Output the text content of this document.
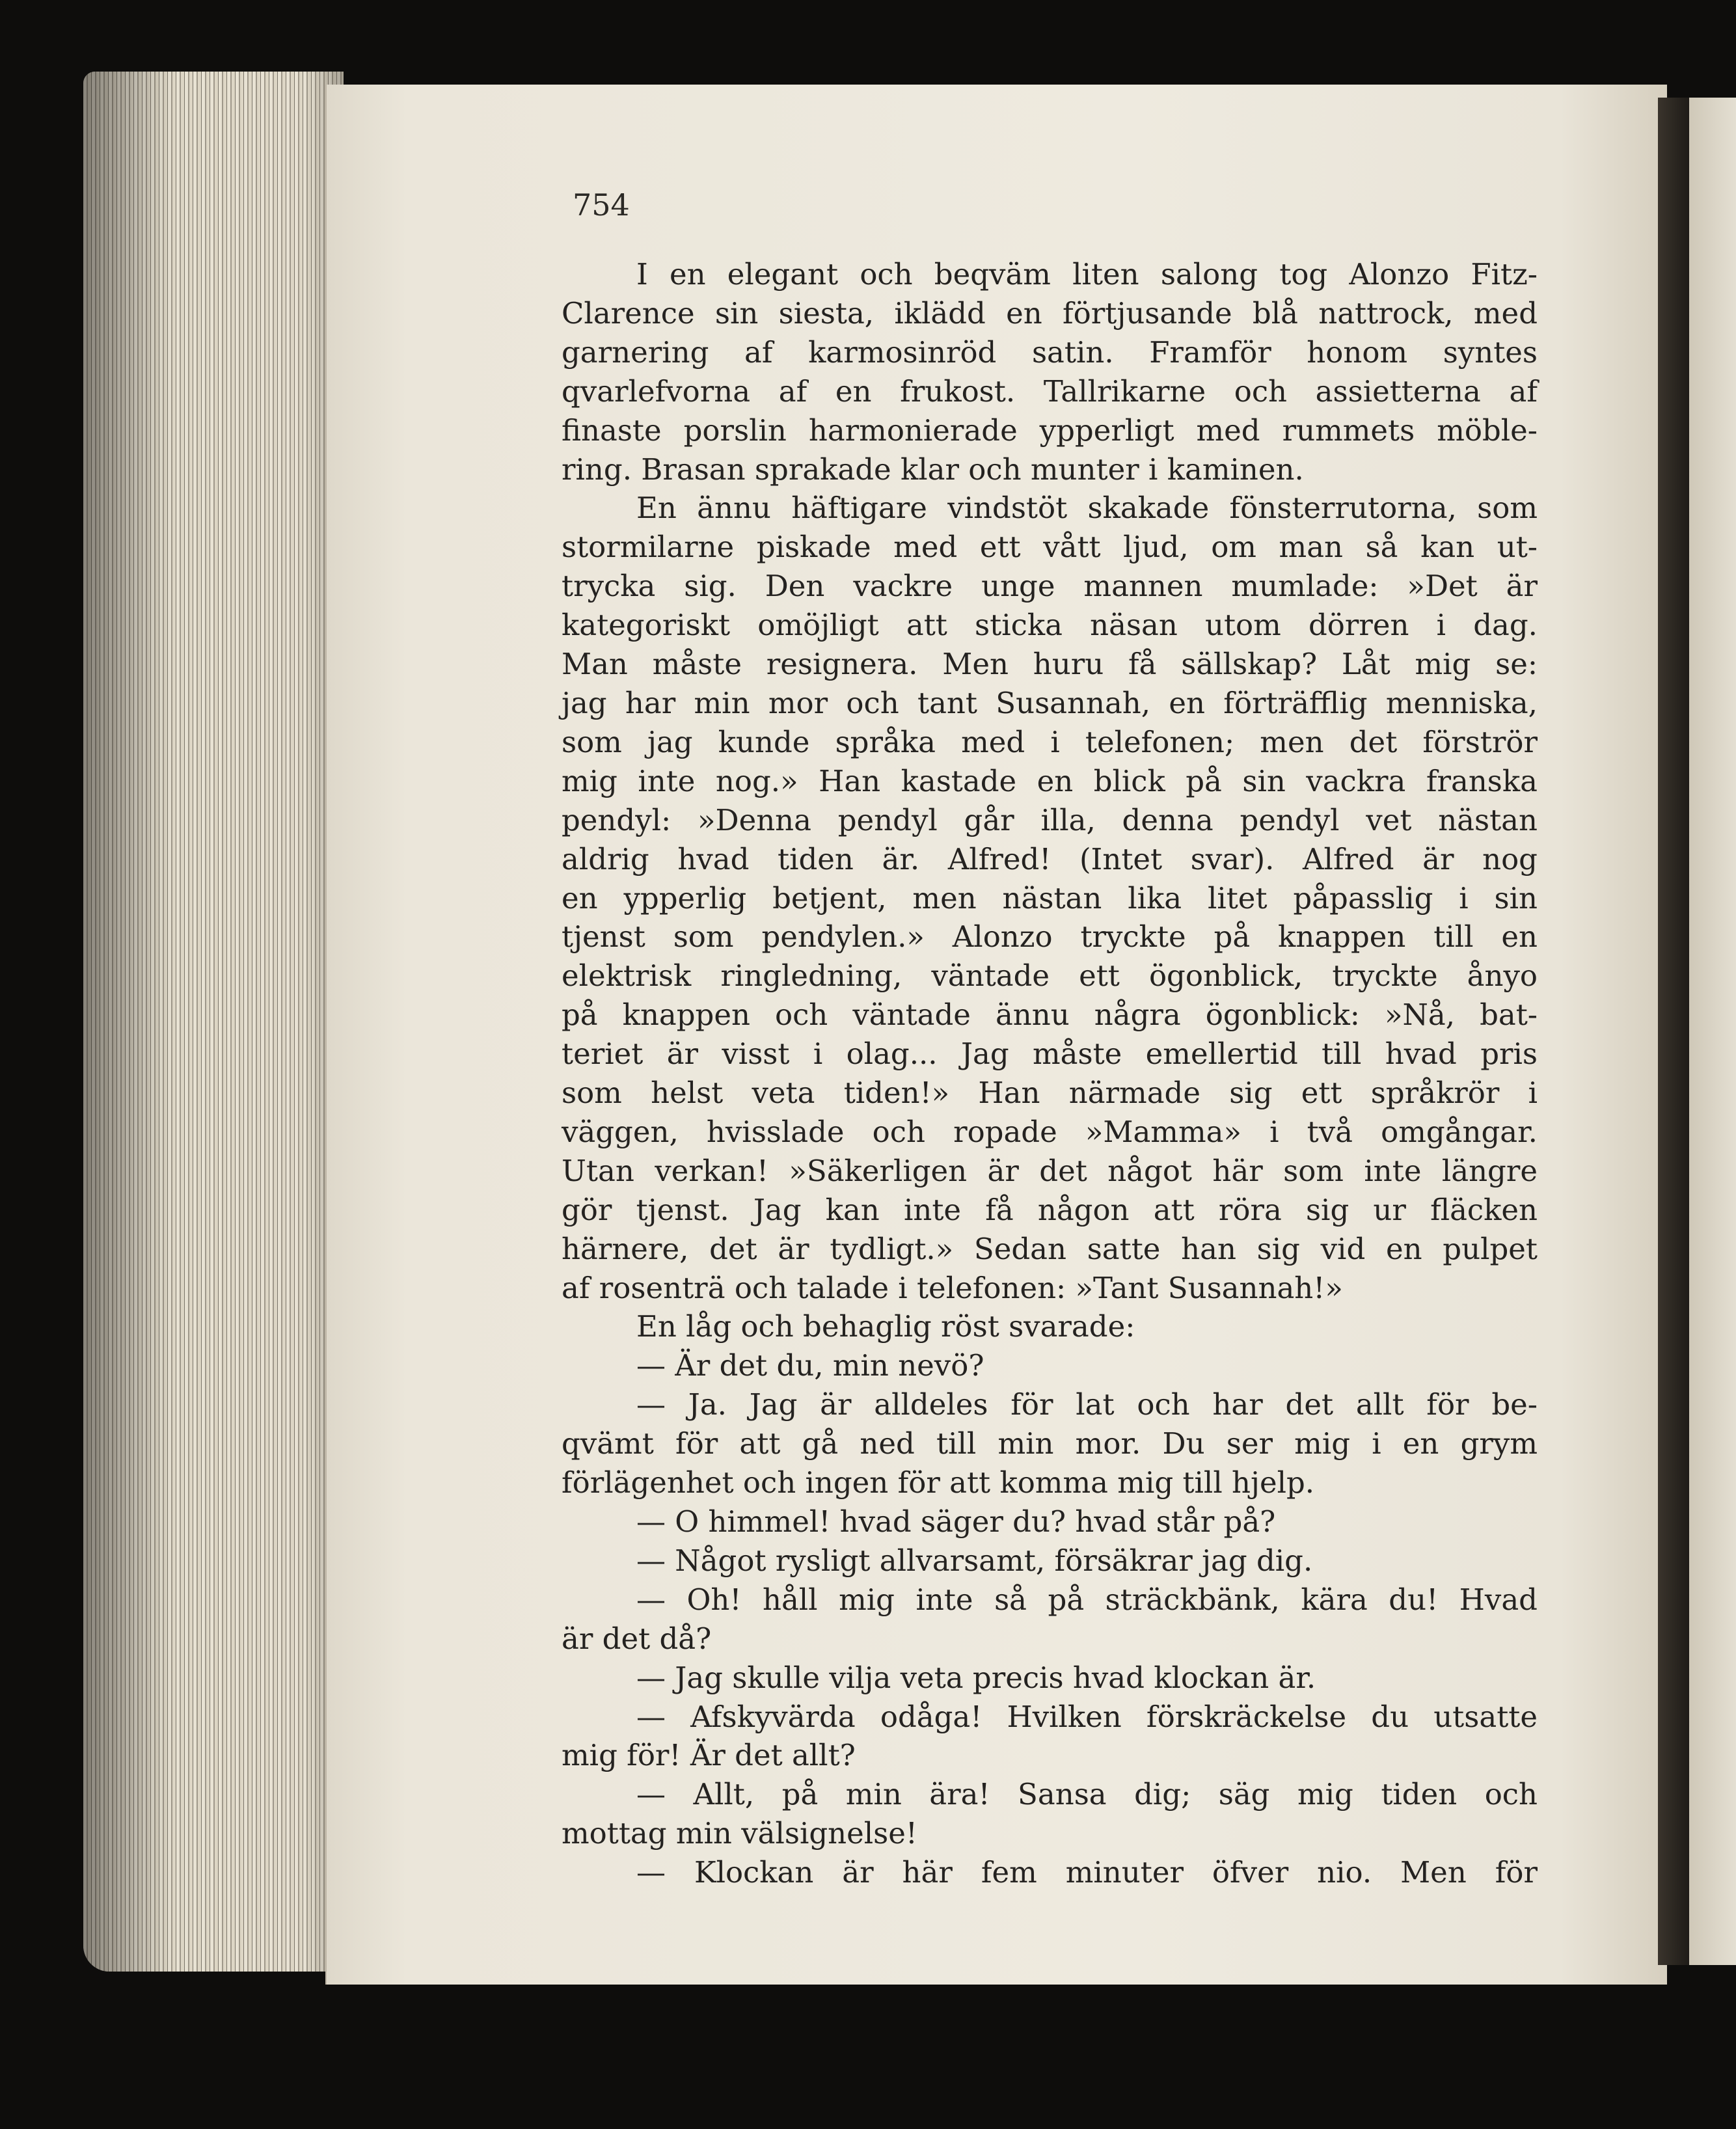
754

I en elegant och beqväm liten salong tog Alonzo Fitz-
Clarence sin siesta, iklädd en förtjusande blå nattrock, med
garnering af karmosinröd satin. Framför honom syntes
qvarlefvorna af en frukost. Tallrikarne och assietterna af
finaste porslin harmonierade ypperligt med rummets möble-
ring. Brasan sprakade klar och munter i kaminen.
En ännu häftigare vindstöt skakade fönsterrutorna, som
stormilarne piskade med ett vått ljud, om man så kan ut-
trycka sig. Den vackre unge mannen mumlade: »Det är
kategoriskt omöjligt att sticka näsan utom dörren i dag.
Man måste resignera. Men huru få sällskap? Låt mig se:
jag har min mor och tant Susannah, en förträfflig menniska,
som jag kunde språka med i telefonen; men det förströr
mig inte nog.» Han kastade en blick på sin vackra franska
pendyl: »Denna pendyl går illa, denna pendyl vet nästan
aldrig hvad tiden är. Alfred! (Intet svar). Alfred är nog
en ypperlig betjent, men nästan lika litet påpasslig i sin
tjenst som pendylen.» Alonzo tryckte på knappen till en
elektrisk ringledning, väntade ett ögonblick, tryckte ånyo
på knappen och väntade ännu några ögonblick: »Nå, bat-
teriet är visst i olag... Jag måste emellertid till hvad pris
som helst veta tiden!» Han närmade sig ett språkrör i
väggen, hvisslade och ropade »Mamma» i två omgångar.
Utan verkan! »Säkerligen är det något här som inte längre
gör tjenst. Jag kan inte få någon att röra sig ur fläcken
härnere, det är tydligt.» Sedan satte han sig vid en pulpet
af rosenträ och talade i telefonen: »Tant Susannah!»
En låg och behaglig röst svarade:
— Är det du, min nevö?
— Ja. Jag är alldeles för lat och har det allt för be-
qvämt för att gå ned till min mor. Du ser mig i en grym
förlägenhet och ingen för att komma mig till hjelp.
— O himmel! hvad säger du? hvad står på?
— Något rysligt allvarsamt, försäkrar jag dig.
— Oh! håll mig inte så på sträckbänk, kära du! Hvad
är det då?
— Jag skulle vilja veta precis hvad klockan är.
— Afskyvärda odåga! Hvilken förskräckelse du utsatte
mig för! Är det allt?
— Allt, på min ära! Sansa dig; säg mig tiden och
mottag min välsignelse!
— Klockan är här fem minuter öfver nio. Men för
